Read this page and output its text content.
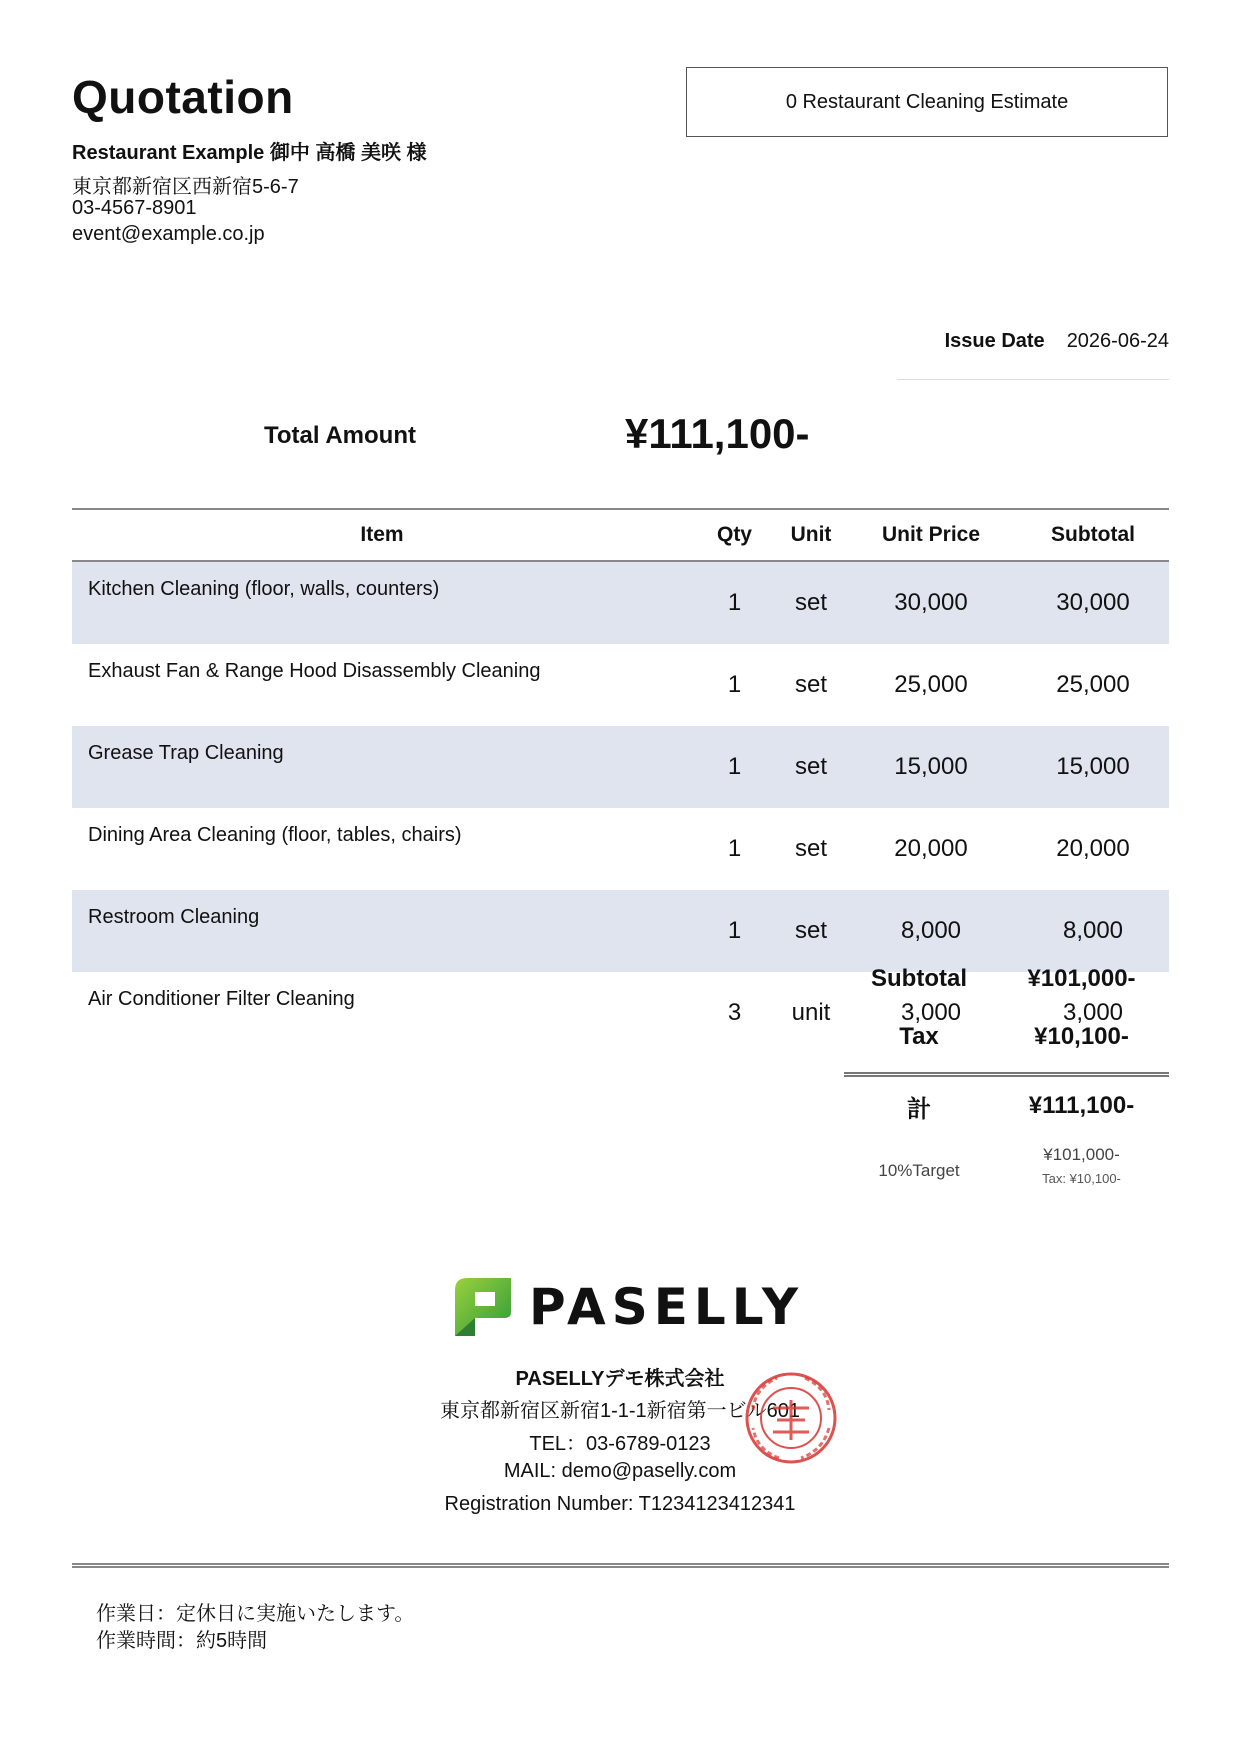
Quotation	0 Restaurant Cleaning Estimate
Restaurant Example 御中 高橋 美咲 様
東京都新宿区西新宿5-6-7
03-4567-8901
event@example.co.jp
Issue Date 2026-06-24
Total Amount	¥111,100-
Item	Qty	Unit	Unit Price	Subtotal
Kitchen Cleaning (floor, walls, counters)	1	set	30,000	30,000
Exhaust Fan & Range Hood Disassembly Cleaning	1	set	25,000	25,000
Grease Trap Cleaning	1	set	15,000	15,000
Dining Area Cleaning (floor, tables, chairs)	1	set	20,000	20,000
Restroom Cleaning	1	set	8,000	8,000
Air Conditioner Filter Cleaning	3	unit	3,000	3,000
Subtotal	¥101,000-
Tax	¥10,100-
計	¥111,100-
10%Target
¥101,000-
Tax: ¥10,100-
PASELLY
PASELLYデモ株式会社
東京都新宿区新宿1-1-1新宿第一ビル601
TEL：03-6789-0123
MAIL: demo@paselly.com
Registration Number: T1234123412341
作業日：定休日に実施いたします。
作業時間：約5時間
